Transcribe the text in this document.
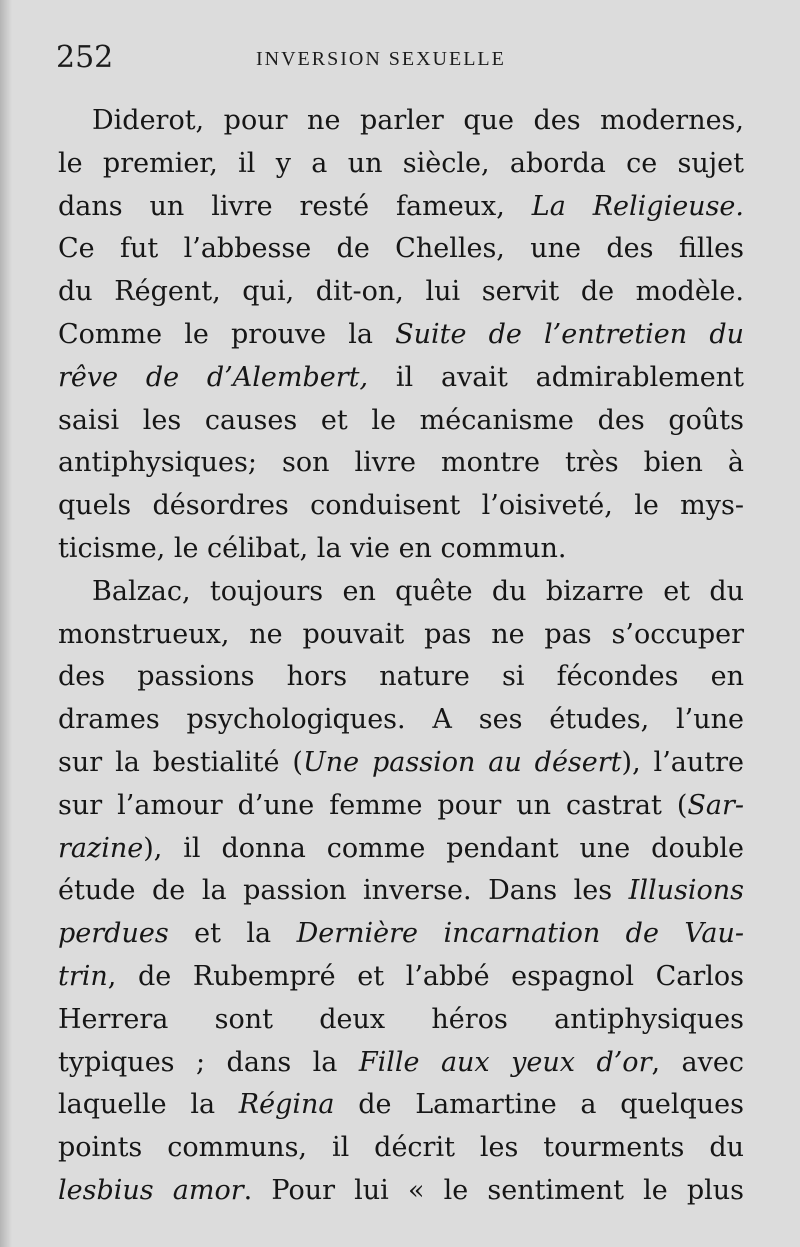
252	INVERSION SEXUELLE
Diderot, pour ne parler que des modernes,
le premier, il y a un siècle, aborda ce sujet
dans un livre resté fameux, La Religieuse.
Ce fut l’abbesse de Chelles, une des filles
du Régent, qui, dit-on, lui servit de modèle.
Comme le prouve la Suite de l’entretien du
rêve de d’Alembert, il avait admirablement
saisi les causes et le mécanisme des goûts
antiphysiques; son livre montre très bien à
quels désordres conduisent l’oisiveté, le mys-
ticisme, le célibat, la vie en commun.
Balzac, toujours en quête du bizarre et du
monstrueux, ne pouvait pas ne pas s’occuper
des passions hors nature si fécondes en
drames psychologiques. A ses études, l’une
sur la bestialité (Une passion au désert), l’autre
sur l’amour d’une femme pour un castrat (Sar-
razine), il donna comme pendant une double
étude de la passion inverse. Dans les Illusions
perdues et la Dernière incarnation de Vau-
trin, de Rubempré et l’abbé espagnol Carlos
Herrera sont deux héros antiphysiques
typiques ; dans la Fille aux yeux d’or, avec
laquelle la Régina de Lamartine a quelques
points communs, il décrit les tourments du
lesbius amor. Pour lui « le sentiment le plus
